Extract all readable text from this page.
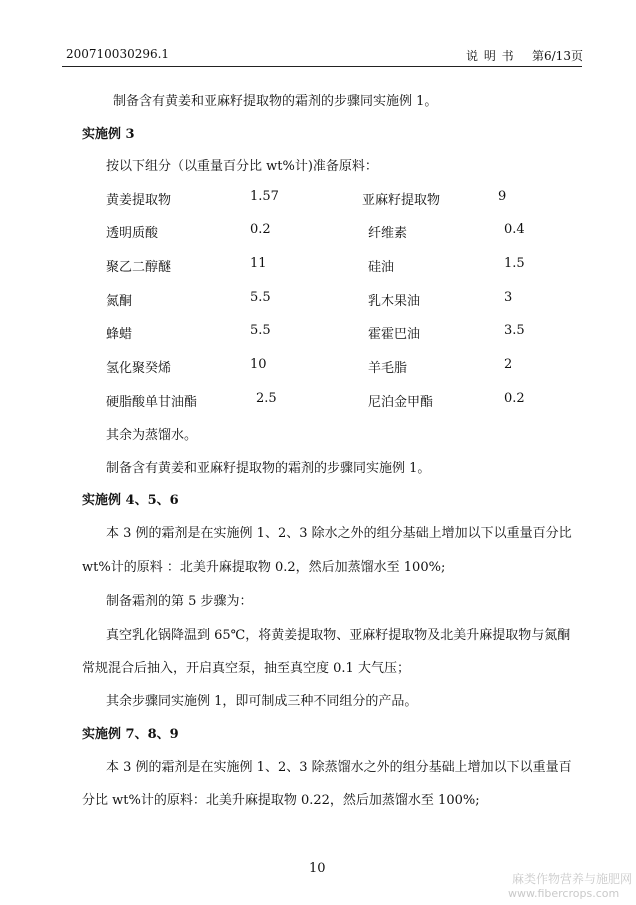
200710030296.1	说 明 书 第6/13页
制备含有黄姜和亚麻籽提取物的霜剂的步骤同实施例 1。
实施例 3
按以下组分（以重量百分比 wt%计)准备原料：
黄姜提取物	1.57	亚麻籽提取物	9
透明质酸	0.2	纤维素	0.4
聚乙二醇醚	11	硅油	1.5
氮酮	5.5	乳木果油	3
蜂蜡	5.5	霍霍巴油	3.5
氢化聚癸烯	10	羊毛脂	2
硬脂酸单甘油酯	2.5	尼泊金甲酯	0.2
其余为蒸馏水。
制备含有黄姜和亚麻籽提取物的霜剂的步骤同实施例 1。
实施例 4、5、6
本 3 例的霜剂是在实施例 1、2、3 除水之外的组分基础上增加以下以重量百分比
wt%计的原料 ：北美升麻提取物 0.2，然后加蒸馏水至 100%;
制备霜剂的第 5 步骤为：
真空乳化锅降温到 65℃，将黄姜提取物、亚麻籽提取物及北美升麻提取物与氮酮
常规混合后抽入，开启真空泵，抽至真空度 0.1 大气压；
其余步骤同实施例 1，即可制成三种不同组分的产品。
实施例 7、8、9
本 3 例的霜剂是在实施例 1、2、3 除蒸馏水之外的组分基础上增加以下以重量百
分比 wt%计的原料：北美升麻提取物 0.22，然后加蒸馏水至 100%;
10
麻类作物营养与施肥网
www.fibercrops.com
